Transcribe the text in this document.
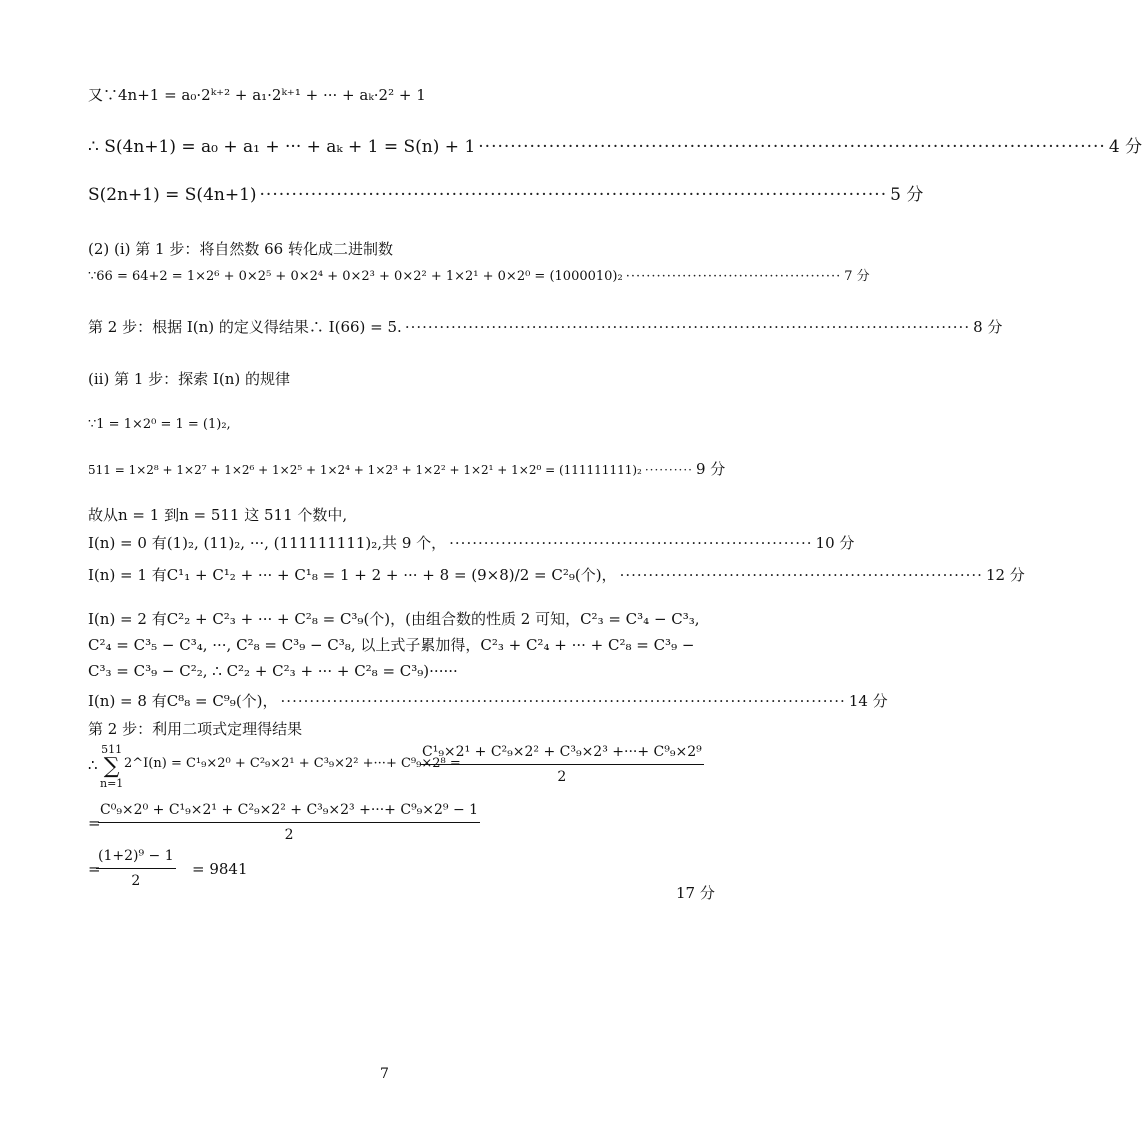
又∵4n+1 = a₀·2ᵏ⁺² + a₁·2ᵏ⁺¹ + ··· + aₖ·2² + 1
∴ S(4n+1) = a₀ + a₁ + ··· + aₖ + 1 = S(n) + 1 ·································································································· 4 分
S(2n+1) = S(4n+1) ·································································································· 5 分
(2) (i) 第 1 步：将自然数 66 转化成二进制数
∵66 = 64+2 = 1×2⁶ + 0×2⁵ + 0×2⁴ + 0×2³ + 0×2² + 1×2¹ + 0×2⁰ = (1000010)₂ ·········································· 7 分
第 2 步：根据 I(n) 的定义得结果∴ I(66) = 5. ·································································································· 8 分
(ii) 第 1 步：探索 I(n) 的规律
∵1 = 1×2⁰ = 1 = (1)₂,
511 = 1×2⁸ + 1×2⁷ + 1×2⁶ + 1×2⁵ + 1×2⁴ + 1×2³ + 1×2² + 1×2¹ + 1×2⁰ = (111111111)₂ ·········· 9 分
故从n = 1 到n = 511 这 511 个数中,
I(n) = 0 有(1)₂, (11)₂, ···, (111111111)₂,共 9 个， ······························································· 10 分
I(n) = 1 有C¹₁ + C¹₂ + ··· + C¹₈ = 1 + 2 + ··· + 8 = (9×8)/2 = C²₉(个)， ······························································· 12 分
I(n) = 2 有C²₂ + C²₃ + ··· + C²₈ = C³₉(个)，(由组合数的性质 2 可知，C²₃ = C³₄ − C³₃, C²₄ = C³₅ − C³₄, ···, C²₈ = C³₉ − C³₈, 以上式子累加得，C²₃ + C²₄ + ··· + C²₈ = C³₉ − C³₃ = C³₉ − C²₂, ∴ C²₂ + C²₃ + ··· + C²₈ = C³₉)······
I(n) = 8 有C⁸₈ = C⁹₉(个)， ·································································································· 14 分
第 2 步：利用二项式定理得结果
∴
511
∑
n=1
2^I(n) = C¹₉×2⁰ + C²₉×2¹ + C³₉×2² +···+ C⁹₉×2⁸ =
$\frac{\text{C¹₉×2¹ + C²₉×2² + C³₉×2³ +···+ C⁹₉×2⁹}}{2}$
=
$\frac{\text{C⁰₉×2⁰ + C¹₉×2¹ + C²₉×2² + C³₉×2³ +···+ C⁹₉×2⁹ − 1}}{2}$
=
$\frac{\text{(1+2)⁹ − 1}}{2} = 9841$
17 分
7
